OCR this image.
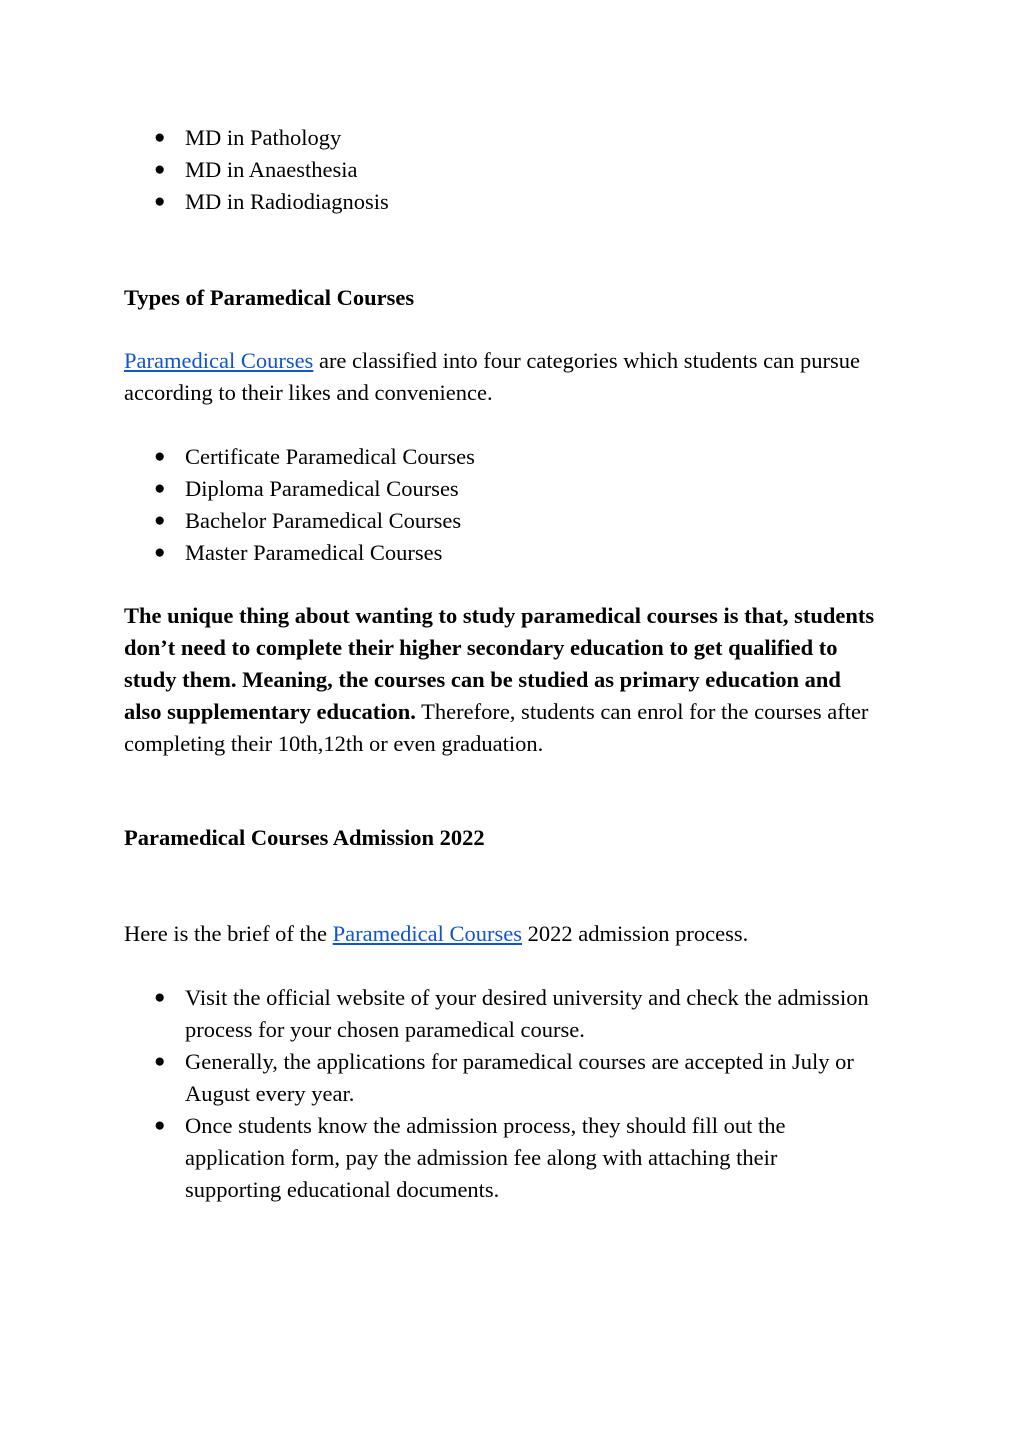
● MD in Pathology
● MD in Anaesthesia
● MD in Radiodiagnosis
Types of Paramedical Courses

Paramedical Courses are classified into four categories which students can pursue according to their likes and convenience.

● Certificate Paramedical Courses
● Diploma Paramedical Courses
● Bachelor Paramedical Courses
● Master Paramedical Courses

The unique thing about wanting to study paramedical courses is that, students don’t need to complete their higher secondary education to get qualified to study them. Meaning, the courses can be studied as primary education and also supplementary education. Therefore, students can enrol for the courses after completing their 10th,12th or even graduation.

Paramedical Courses Admission 2022

Here is the brief of the Paramedical Courses 2022 admission process.

● Visit the official website of your desired university and check the admission process for your chosen paramedical course.
● Generally, the applications for paramedical courses are accepted in July or August every year.
● Once students know the admission process, they should fill out the application form, pay the admission fee along with attaching their supporting educational documents.
